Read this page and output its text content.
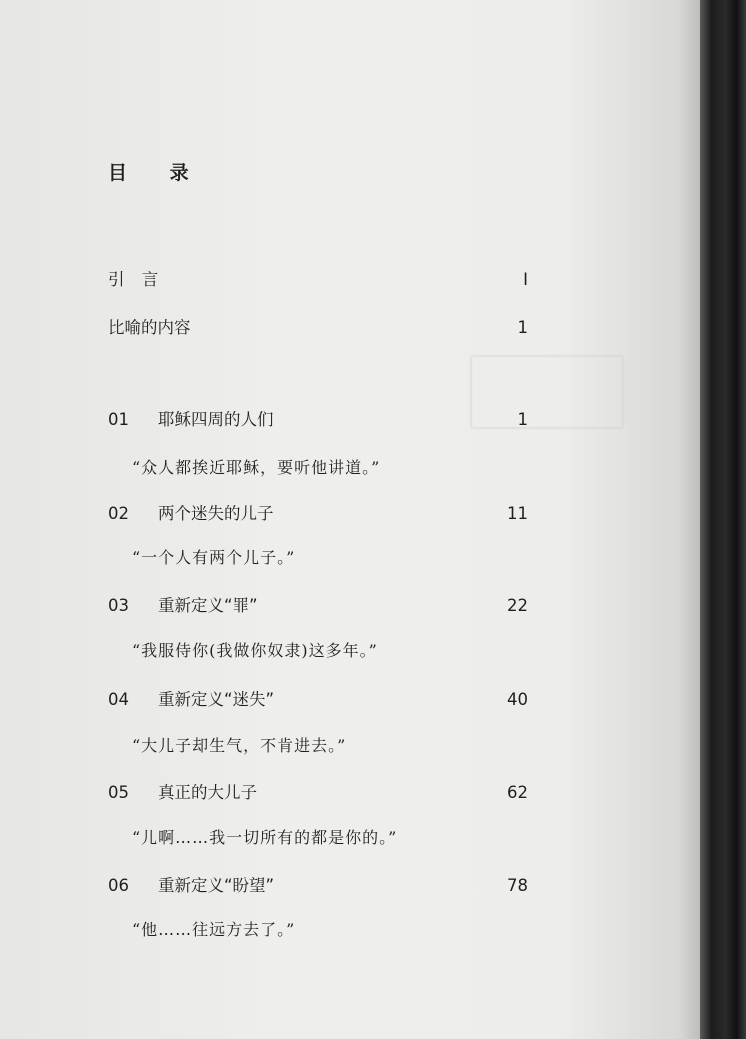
目 录
引 言	Ⅰ
比喻的内容	1
01	耶稣四周的人们	1
“众人都挨近耶稣，要听他讲道。”
02	两个迷失的儿子	11
“一个人有两个儿子。”
03	重新定义“罪”	22
“我服侍你(我做你奴隶)这多年。”
04	重新定义“迷失”	40
“大儿子却生气，不肯进去。”
05	真正的大儿子	62
“儿啊……我一切所有的都是你的。”
06	重新定义“盼望”	78
“他……往远方去了。”
